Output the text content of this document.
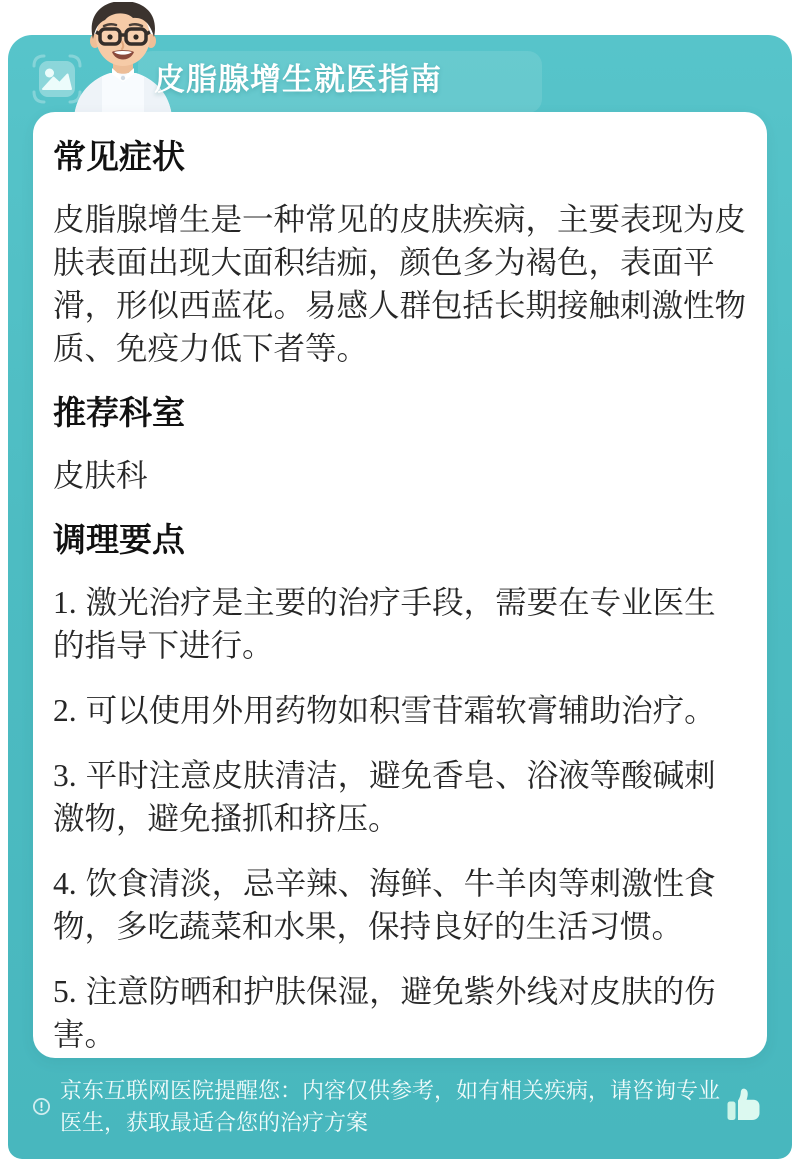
皮脂腺增生就医指南
常见症状

皮脂腺增生是一种常见的皮肤疾病，主要表现为皮肤表面出现大面积结痂，颜色多为褐色，表面平滑，形似西蓝花。易感人群包括长期接触刺激性物质、免疫力低下者等。

推荐科室

皮肤科

调理要点

1. 激光治疗是主要的治疗手段，需要在专业医生的指导下进行。

2. 可以使用外用药物如积雪苷霜软膏辅助治疗。

3. 平时注意皮肤清洁，避免香皂、浴液等酸碱刺激物，避免搔抓和挤压。

4. 饮食清淡，忌辛辣、海鲜、牛羊肉等刺激性食物，多吃蔬菜和水果，保持良好的生活习惯。

5. 注意防晒和护肤保湿，避免紫外线对皮肤的伤害。

京东互联网医院提醒您：内容仅供参考，如有相关疾病，请咨询专业医生，获取最适合您的治疗方案
